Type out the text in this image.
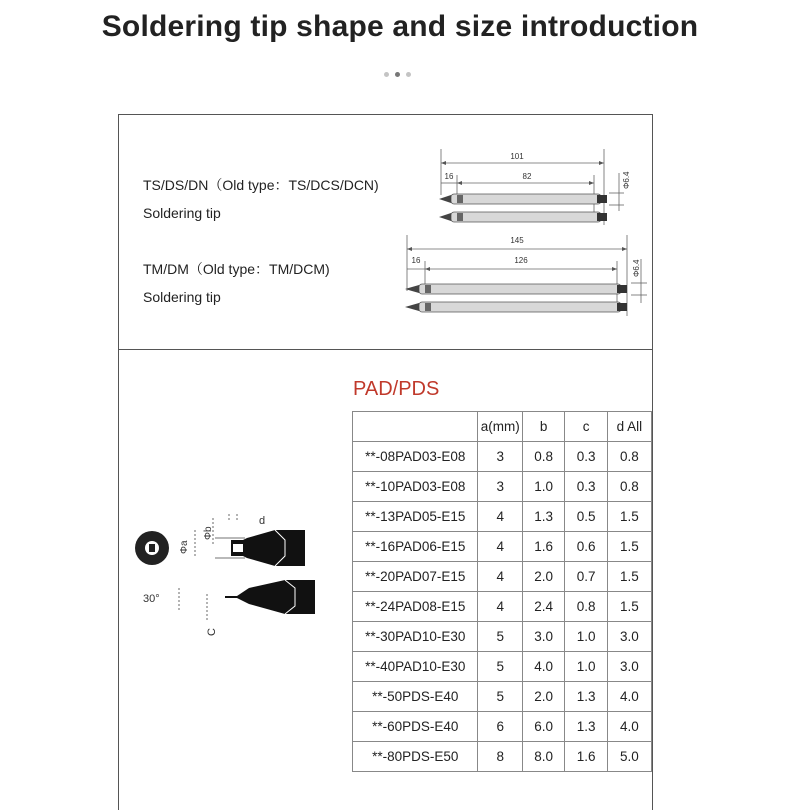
Soldering tip shape and size introduction
TS/DS/DN（Old type：TS/DCS/DCN)
Soldering tip
TM/DM（Old type：TM/DCM)
Soldering tip
101
16	82	Φ6.4
145
16	126	Φ6.4
PAD/PDS
Φa
Φb
d
30°
C
	a(mm)	b	c	d All
**-08PAD03-E08	3	0.8	0.3	0.8
**-10PAD03-E08	3	1.0	0.3	0.8
**-13PAD05-E15	4	1.3	0.5	1.5
**-16PAD06-E15	4	1.6	0.6	1.5
**-20PAD07-E15	4	2.0	0.7	1.5
**-24PAD08-E15	4	2.4	0.8	1.5
**-30PAD10-E30	5	3.0	1.0	3.0
**-40PAD10-E30	5	4.0	1.0	3.0
**-50PDS-E40	5	2.0	1.3	4.0
**-60PDS-E40	6	6.0	1.3	4.0
**-80PDS-E50	8	8.0	1.6	5.0
